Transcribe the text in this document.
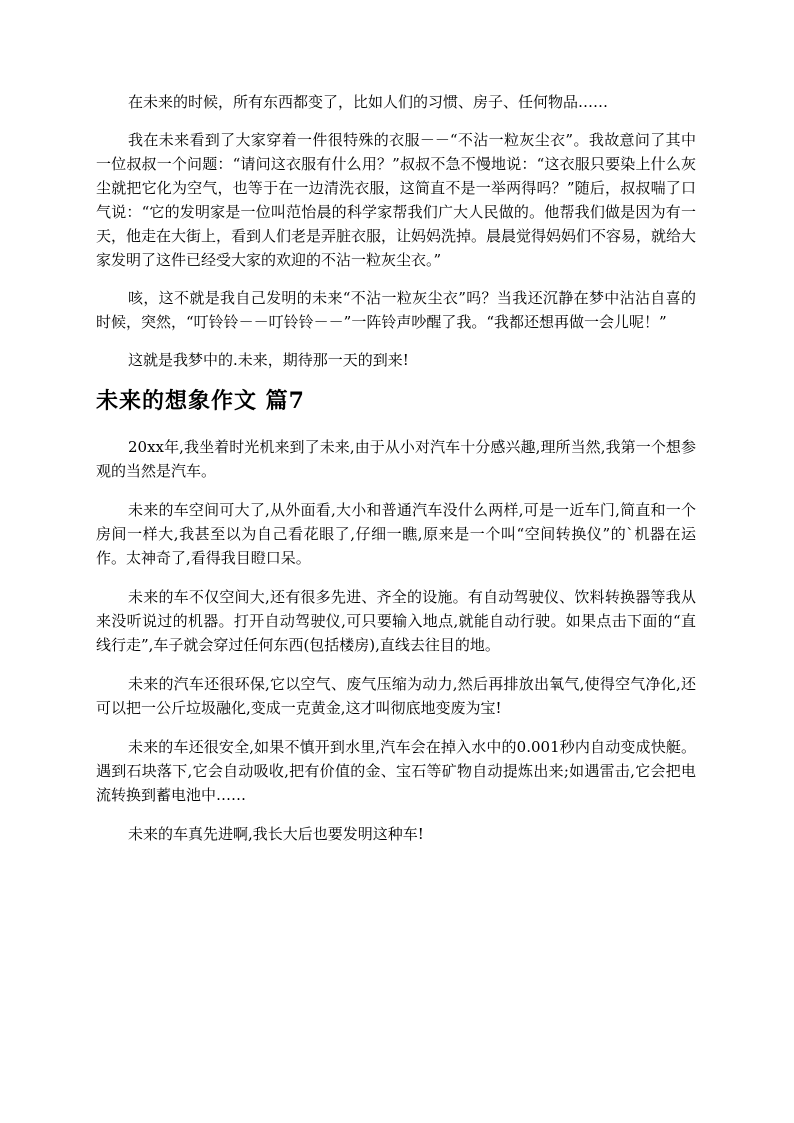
在未来的时候，所有东西都变了，比如人们的习惯、房子、任何物品……

我在未来看到了大家穿着一件很特殊的衣服－－“不沾一粒灰尘衣”。我故意问了其中一位叔叔一个问题：“请问这衣服有什么用？”叔叔不急不慢地说：“这衣服只要染上什么灰尘就把它化为空气，也等于在一边清洗衣服，这简直不是一举两得吗？”随后，叔叔喘了口气说：“它的发明家是一位叫范怡晨的科学家帮我们广大人民做的。他帮我们做是因为有一天，他走在大街上，看到人们老是弄脏衣服，让妈妈洗掉。晨晨觉得妈妈们不容易，就给大家发明了这件已经受大家的欢迎的不沾一粒灰尘衣。”

咳，这不就是我自己发明的未来“不沾一粒灰尘衣”吗？当我还沉静在梦中沾沾自喜的时候，突然，“叮铃铃－－叮铃铃－－”一阵铃声吵醒了我。“我都还想再做一会儿呢！”

这就是我梦中的.未来，期待那一天的到来!

未来的想象作文 篇7

20xx年,我坐着时光机来到了未来,由于从小对汽车十分感兴趣,理所当然,我第一个想参观的当然是汽车。

未来的车空间可大了,从外面看,大小和普通汽车没什么两样,可是一近车门,简直和一个房间一样大,我甚至以为自己看花眼了,仔细一瞧,原来是一个叫“空间转换仪”的`机器在运作。太神奇了,看得我目瞪口呆。

未来的车不仅空间大,还有很多先进、齐全的设施。有自动驾驶仪、饮料转换器等我从来没听说过的机器。打开自动驾驶仪,可只要输入地点,就能自动行驶。如果点击下面的“直线行走”,车子就会穿过任何东西(包括楼房),直线去往目的地。

未来的汽车还很环保,它以空气、废气压缩为动力,然后再排放出氧气,使得空气净化,还可以把一公斤垃圾融化,变成一克黄金,这才叫彻底地变废为宝!

未来的车还很安全,如果不慎开到水里,汽车会在掉入水中的0.001秒内自动变成快艇。遇到石块落下,它会自动吸收,把有价值的金、宝石等矿物自动提炼出来;如遇雷击,它会把电流转换到蓄电池中……

未来的车真先进啊,我长大后也要发明这种车!
